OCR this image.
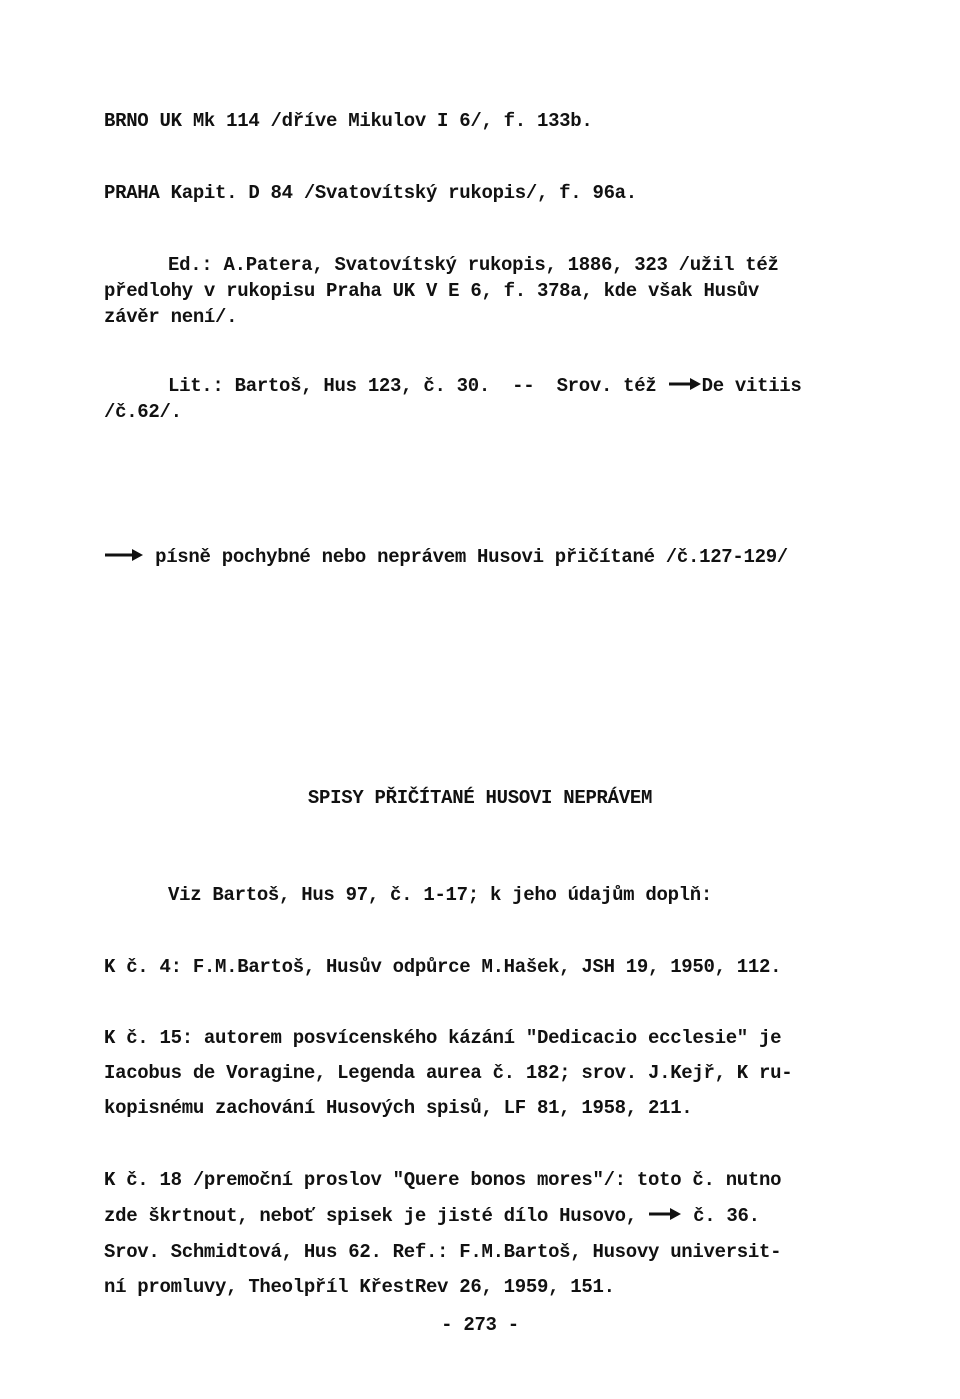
BRNO UK Mk 114 /dříve Mikulov I 6/, f. 133b.
PRAHA Kapit. D 84 /Svatovítský rukopis/, f. 96a.
Ed.: A.Patera, Svatovítský rukopis, 1886, 323 /užil též
předlohy v rukopisu Praha UK V E 6, f. 378a, kde však Husův
závěr není/.
Lit.: Bartoš, Hus 123, č. 30.  --  Srov. též De vitiis
/č.62/.
písně pochybné nebo neprávem Husovi přičítané /č.127-129/
SPISY PŘIČÍTANÉ HUSOVI NEPRÁVEM
Viz Bartoš, Hus 97, č. 1-17; k jeho údajům doplň:
K č. 4: F.M.Bartoš, Husův odpůrce M.Hašek, JSH 19, 1950, 112.
K č. 15: autorem posvícenského kázání "Dedicacio ecclesie" je
Iacobus de Voragine, Legenda aurea č. 182; srov. J.Kejř, K ru-
kopisnému zachování Husových spisů, LF 81, 1958, 211.
K č. 18 /premoční proslov "Quere bonos mores"/: toto č. nutno
zde škrtnout, neboť spisek je jisté dílo Husovo,  č. 36.
Srov. Schmidtová, Hus 62. Ref.: F.M.Bartoš, Husovy universit-
ní promluvy, Theolpříl KřestRev 26, 1959, 151.
- 273 -
